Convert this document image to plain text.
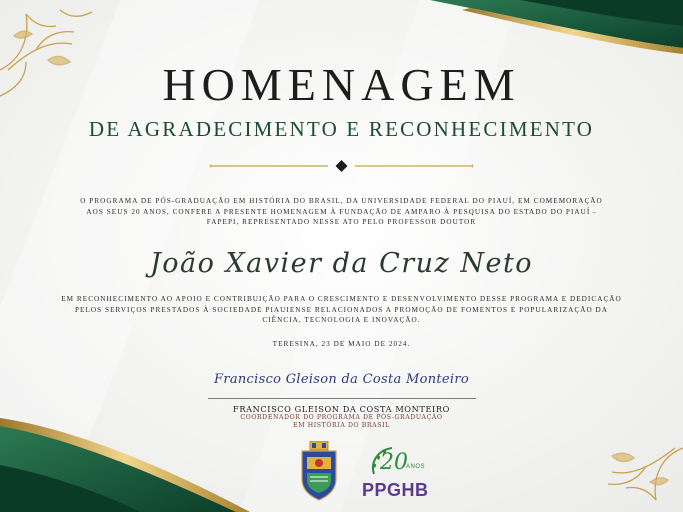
HOMENAGEM
DE AGRADECIMENTO E RECONHECIMENTO
O PROGRAMA DE PÓS-GRADUAÇÃO EM HISTÓRIA DO BRASIL, DA UNIVERSIDADE FEDERAL DO PIAUÍ, EM COMEMORAÇÃO
AOS SEUS 20 ANOS, CONFERE A PRESENTE HOMENAGEM À FUNDAÇÃO DE AMPARO À PESQUISA DO ESTADO DO PIAUÍ -
FAPEPI, REPRESENTADO NESSE ATO PELO PROFESSOR DOUTOR
João Xavier da Cruz Neto
EM RECONHECIMENTO AO APOIO E CONTRIBUIÇÃO PARA O CRESCIMENTO E DESENVOLVIMENTO DESSE PROGRAMA E DEDICAÇÃO
PELOS SERVIÇOS PRESTADOS À SOCIEDADE PIAUIENSE RELACIONADOS A PROMOÇÃO DE FOMENTOS E POPULARIZAÇÃO DA
CIÊNCIA, TECNOLOGIA E INOVAÇÃO.
TERESINA, 23 DE MAIO DE 2024.
Francisco Gleison da Costa Monteiro
FRANCISCO GLEISON DA COSTA MONTEIRO
COORDENADOR DO PROGRAMA DE PÓS-GRADUAÇÃO
EM HISTÓRIA DO BRASIL
20
ANOS
PPGHB
